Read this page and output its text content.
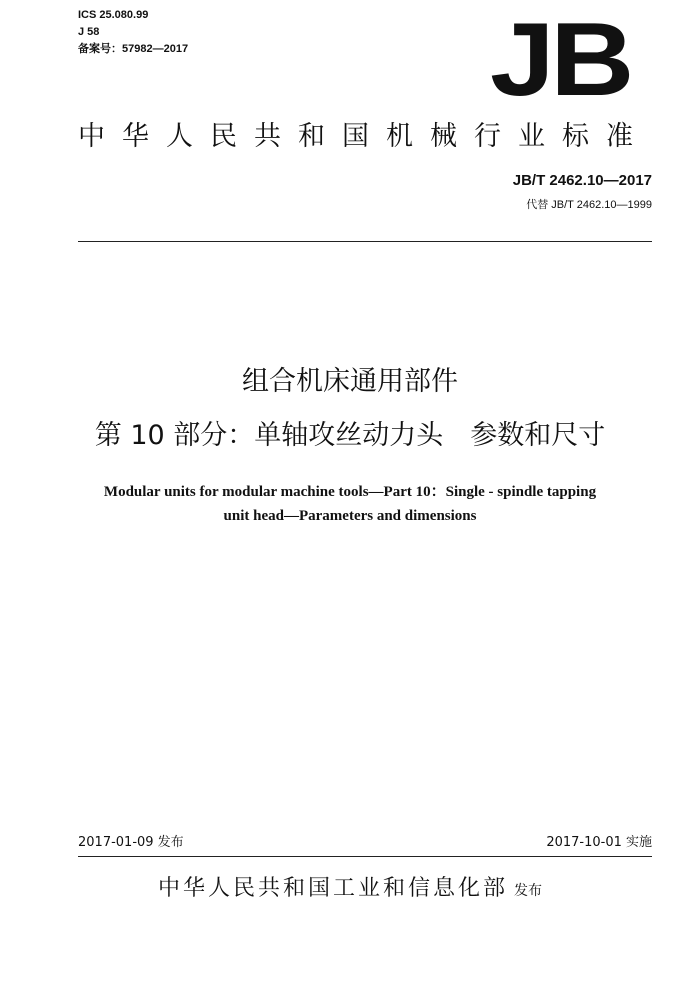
ICS 25.080.99
J 58
备案号：57982—2017	JB
中华人民共和国机械行业标准
JB/T 2462.10—2017
代替 JB/T 2462.10—1999
组合机床通用部件
第 10 部分：单轴攻丝动力头　参数和尺寸
Modular units for modular machine tools—Part 10：Single - spindle tapping
unit head—Parameters and dimensions
2017-01-09 发布	2017-10-01 实施
中华人民共和国工业和信息化部 发布
